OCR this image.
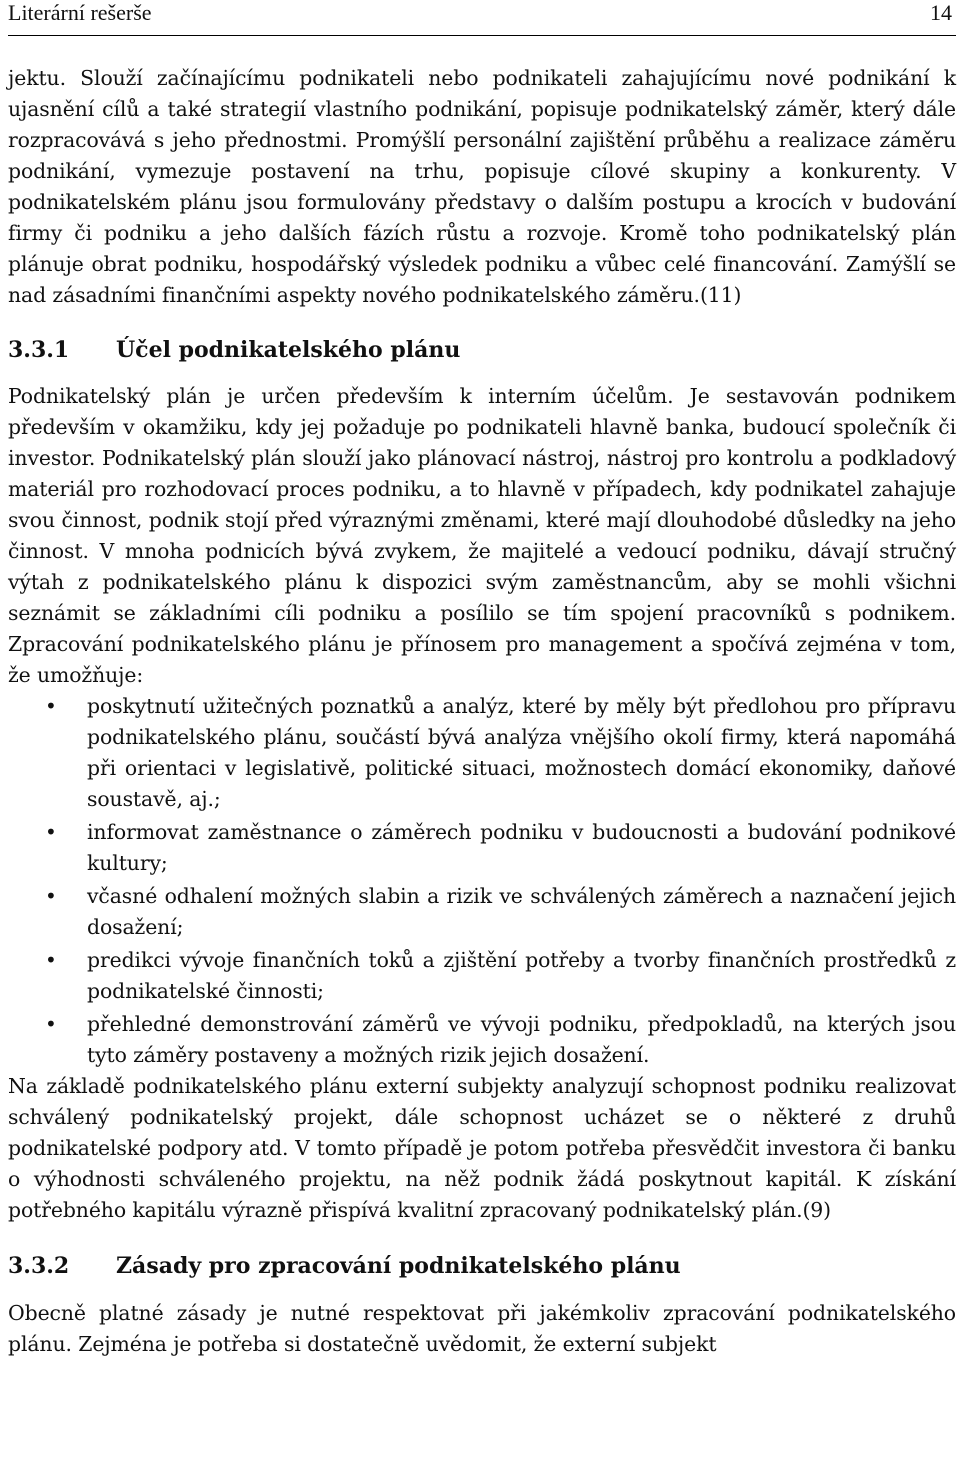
Literární rešerše	14

jektu. Slouží začínajícímu podnikateli nebo podnikateli zahajujícímu nové podnikání k ujasnění cílů a také strategií vlastního podnikání, popisuje podnikatelský záměr, který dále rozpracovává s jeho přednostmi. Promýšlí personální zajištění průběhu a realizace záměru podnikání, vymezuje postavení na trhu, popisuje cílové skupiny a konkurenty. V podnikatelském plánu jsou formulovány představy o dalším postupu a krocích v budování firmy či podniku a jeho dalších fázích růstu a rozvoje. Kromě toho podnikatelský plán plánuje obrat podniku, hospodářský výsledek podniku a vůbec celé financování. Zamýšlí se nad zásadními finančními aspekty nového podnikatelského záměru.(11)

3.3.1	Účel podnikatelského plánu

Podnikatelský plán je určen především k interním účelům. Je sestavován podnikem především v okamžiku, kdy jej požaduje po podnikateli hlavně banka, budoucí společník či investor. Podnikatelský plán slouží jako plánovací nástroj, nástroj pro kontrolu a podkladový materiál pro rozhodovací proces podniku, a to hlavně v případech, kdy podnikatel zahajuje svou činnost, podnik stojí před výraznými změnami, které mají dlouhodobé důsledky na jeho činnost. V mnoha podnicích bývá zvykem, že majitelé a vedoucí podniku, dávají stručný výtah z podnikatelského plánu k dispozici svým zaměstnancům, aby se mohli všichni seznámit se základními cíli podniku a posílilo se tím spojení pracovníků s podnikem. Zpracování podnikatelského plánu je přínosem pro management a spočívá zejména v tom, že umožňuje:

• poskytnutí užitečných poznatků a analýz, které by měly být předlohou pro přípravu podnikatelského plánu, součástí bývá analýza vnějšího okolí firmy, která napomáhá při orientaci v legislativě, politické situaci, možnostech domácí ekonomiky, daňové soustavě, aj.;
• informovat zaměstnance o záměrech podniku v budoucnosti a budování podnikové kultury;
• včasné odhalení možných slabin a rizik ve schválených záměrech a naznačení jejich dosažení;
• predikci vývoje finančních toků a zjištění potřeby a tvorby finančních prostředků z podnikatelské činnosti;
• přehledné demonstrování záměrů ve vývoji podniku, předpokladů, na kterých jsou tyto záměry postaveny a možných rizik jejich dosažení.

Na základě podnikatelského plánu externí subjekty analyzují schopnost podniku realizovat schválený podnikatelský projekt, dále schopnost ucházet se o některé z druhů podnikatelské podpory atd. V tomto případě je potom potřeba přesvědčit investora či banku o výhodnosti schváleného projektu, na něž podnik žádá poskytnout kapitál. K získání potřebného kapitálu výrazně přispívá kvalitní zpracovaný podnikatelský plán.(9)

3.3.2	Zásady pro zpracování podnikatelského plánu

Obecně platné zásady je nutné respektovat při jakémkoliv zpracování podnikatelského plánu. Zejména je potřeba si dostatečně uvědomit, že externí subjekt
